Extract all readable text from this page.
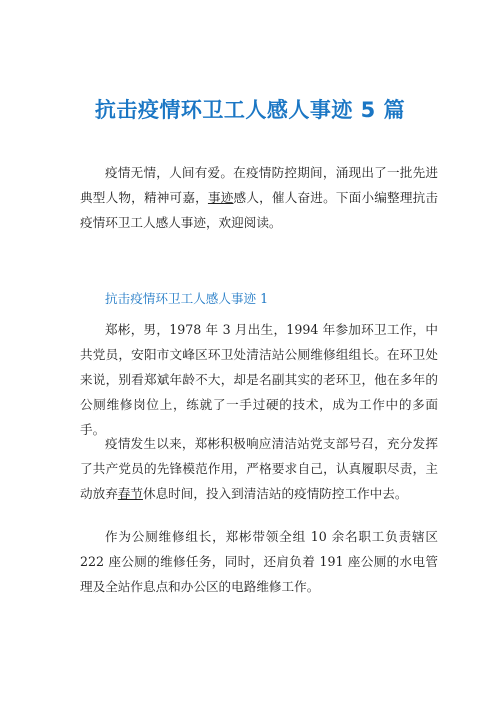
抗击疫情环卫工人感人事迹 5 篇

疫情无情，人间有爱。在疫情防控期间，涌现出了一批先进典型人物，精神可嘉，事迹感人，催人奋进。下面小编整理抗击疫情环卫工人感人事迹，欢迎阅读。

抗击疫情环卫工人感人事迹 1

郑彬，男，1978 年 3 月出生，1994 年参加环卫工作，中共党员，安阳市文峰区环卫处清洁站公厕维修组组长。在环卫处来说，别看郑斌年龄不大，却是名副其实的老环卫，他在多年的公厕维修岗位上，练就了一手过硬的技术，成为工作中的多面手。

疫情发生以来，郑彬积极响应清洁站党支部号召，充分发挥了共产党员的先锋模范作用，严格要求自己，认真履职尽责，主动放弃春节休息时间，投入到清洁站的疫情防控工作中去。

作为公厕维修组长，郑彬带领全组 10 余名职工负责辖区 222 座公厕的维修任务，同时，还肩负着 191 座公厕的水电管理及全站作息点和办公区的电路维修工作。
